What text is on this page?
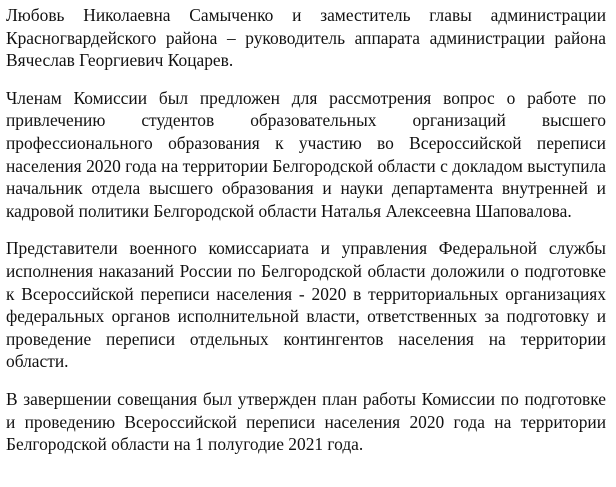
Любовь Николаевна Самыченко и заместитель главы администрации Красногвардейского района – руководитель аппарата администрации района Вячеслав Георгиевич Коцарев.

Членам Комиссии был предложен для рассмотрения вопрос о работе по привлечению студентов образовательных организаций высшего профессионального образования к участию во Всероссийской переписи населения 2020 года на территории Белгородской области с докладом выступила начальник отдела высшего образования и науки департамента внутренней и кадровой политики Белгородской области Наталья Алексеевна Шаповалова.

Представители военного комиссариата и управления Федеральной службы исполнения наказаний России по Белгородской области доложили о подготовке к Всероссийской переписи населения - 2020 в территориальных организациях федеральных органов исполнительной власти, ответственных за подготовку и проведение переписи отдельных контингентов населения на территории области.

В завершении совещания был утвержден план работы Комиссии по подготовке и проведению Всероссийской переписи населения 2020 года на территории Белгородской области на 1 полугодие 2021 года.
